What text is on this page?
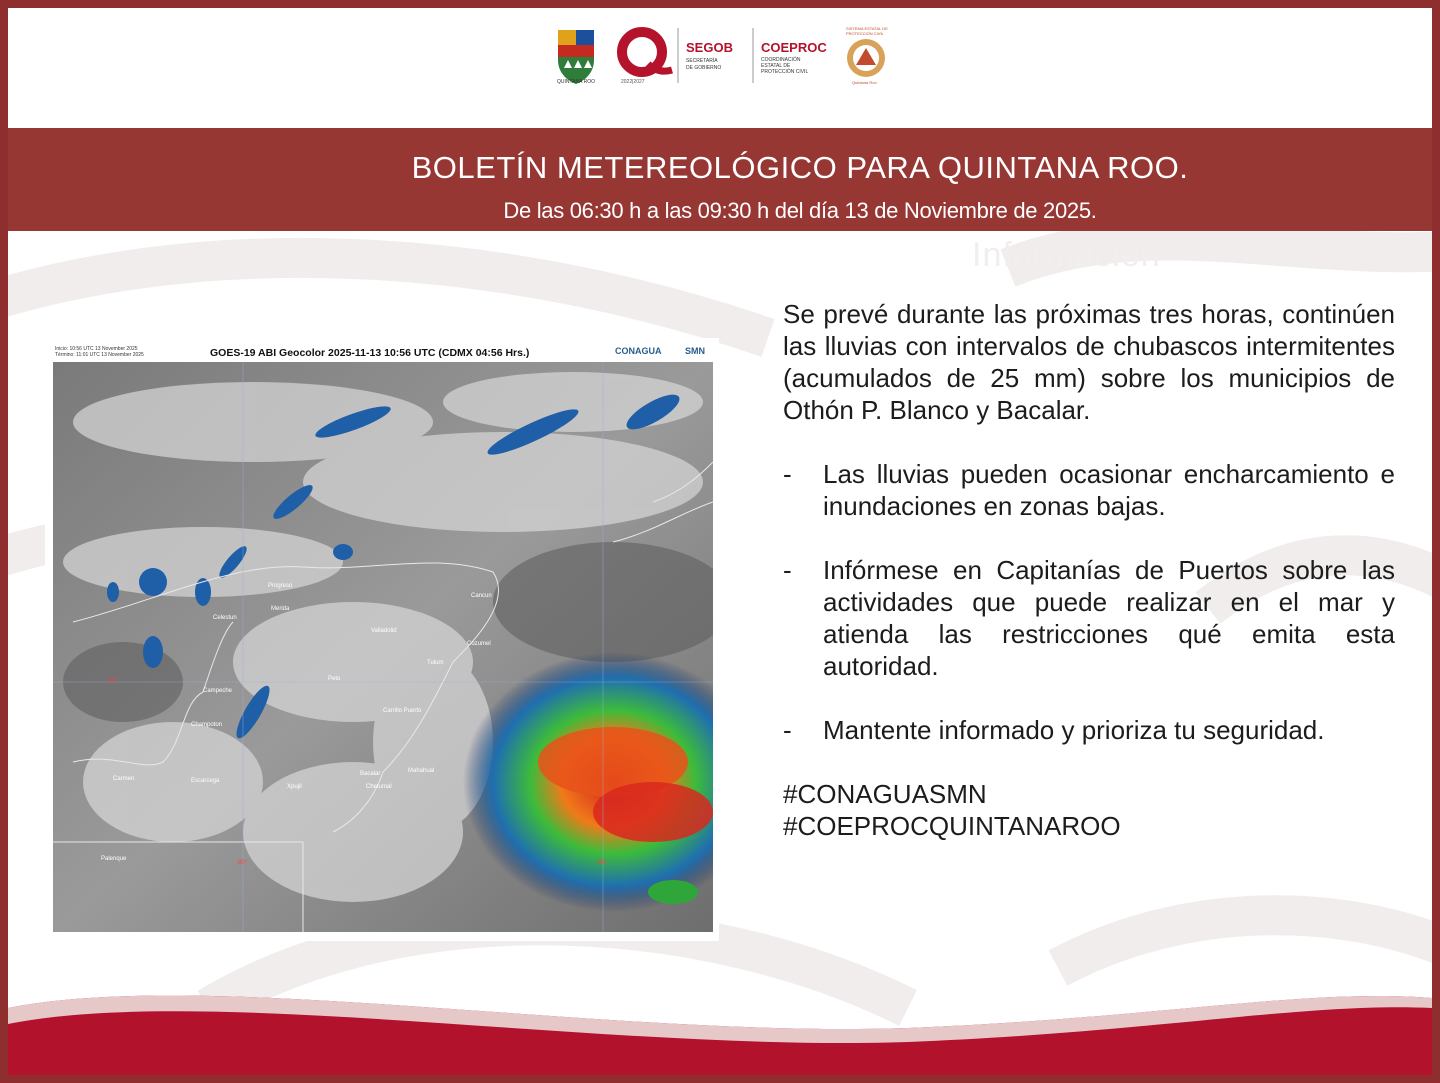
QUINTANA ROO	2022|2027
SEGOB
SECRETARÍA
DE GOBIERNO
COEPROC
COORDINACIÓN
ESTATAL DE
PROTECCIÓN CIVIL
SISTEMA ESTATAL DE
PROTECCIÓN CIVIL
Quintana Roo
BOLETÍN METEREOLÓGICO PARA QUINTANA ROO.
De las 06:30 h a las 09:30 h del día 13 de Noviembre de 2025.
Información
Inicio: 10:56 UTC 13 November 2025
Término: 11:01 UTC 13 November 2025	GOES-19 ABI Geocolor 2025-11-13 10:56 UTC (CDMX 04:56 Hrs.)	CONAGUA	SMN
Progreso
Merida
Celestun
Valladolid
Cancun
Cozumel
Tulum
Campeche
Peto
Champoton
Carrillo Puerto
Carmen	Escarcega
Xpujil
Bacalar
Chetumal
Mahahual
Palenque
20°
-90°	-88°

Se prevé durante las próximas tres horas, continúen las lluvias con intervalos de chubascos intermitentes (acumulados de 25 mm) sobre los municipios de Othón P. Blanco y Bacalar.

- Las lluvias pueden ocasionar encharcamiento e inundaciones en zonas bajas.
- Infórmese en Capitanías de Puertos sobre las actividades que puede realizar en el mar y atienda las restricciones qué emita esta autoridad.
- Mantente informado y prioriza tu seguridad.
#CONAGUASMN
#COEPROCQUINTANAROO
